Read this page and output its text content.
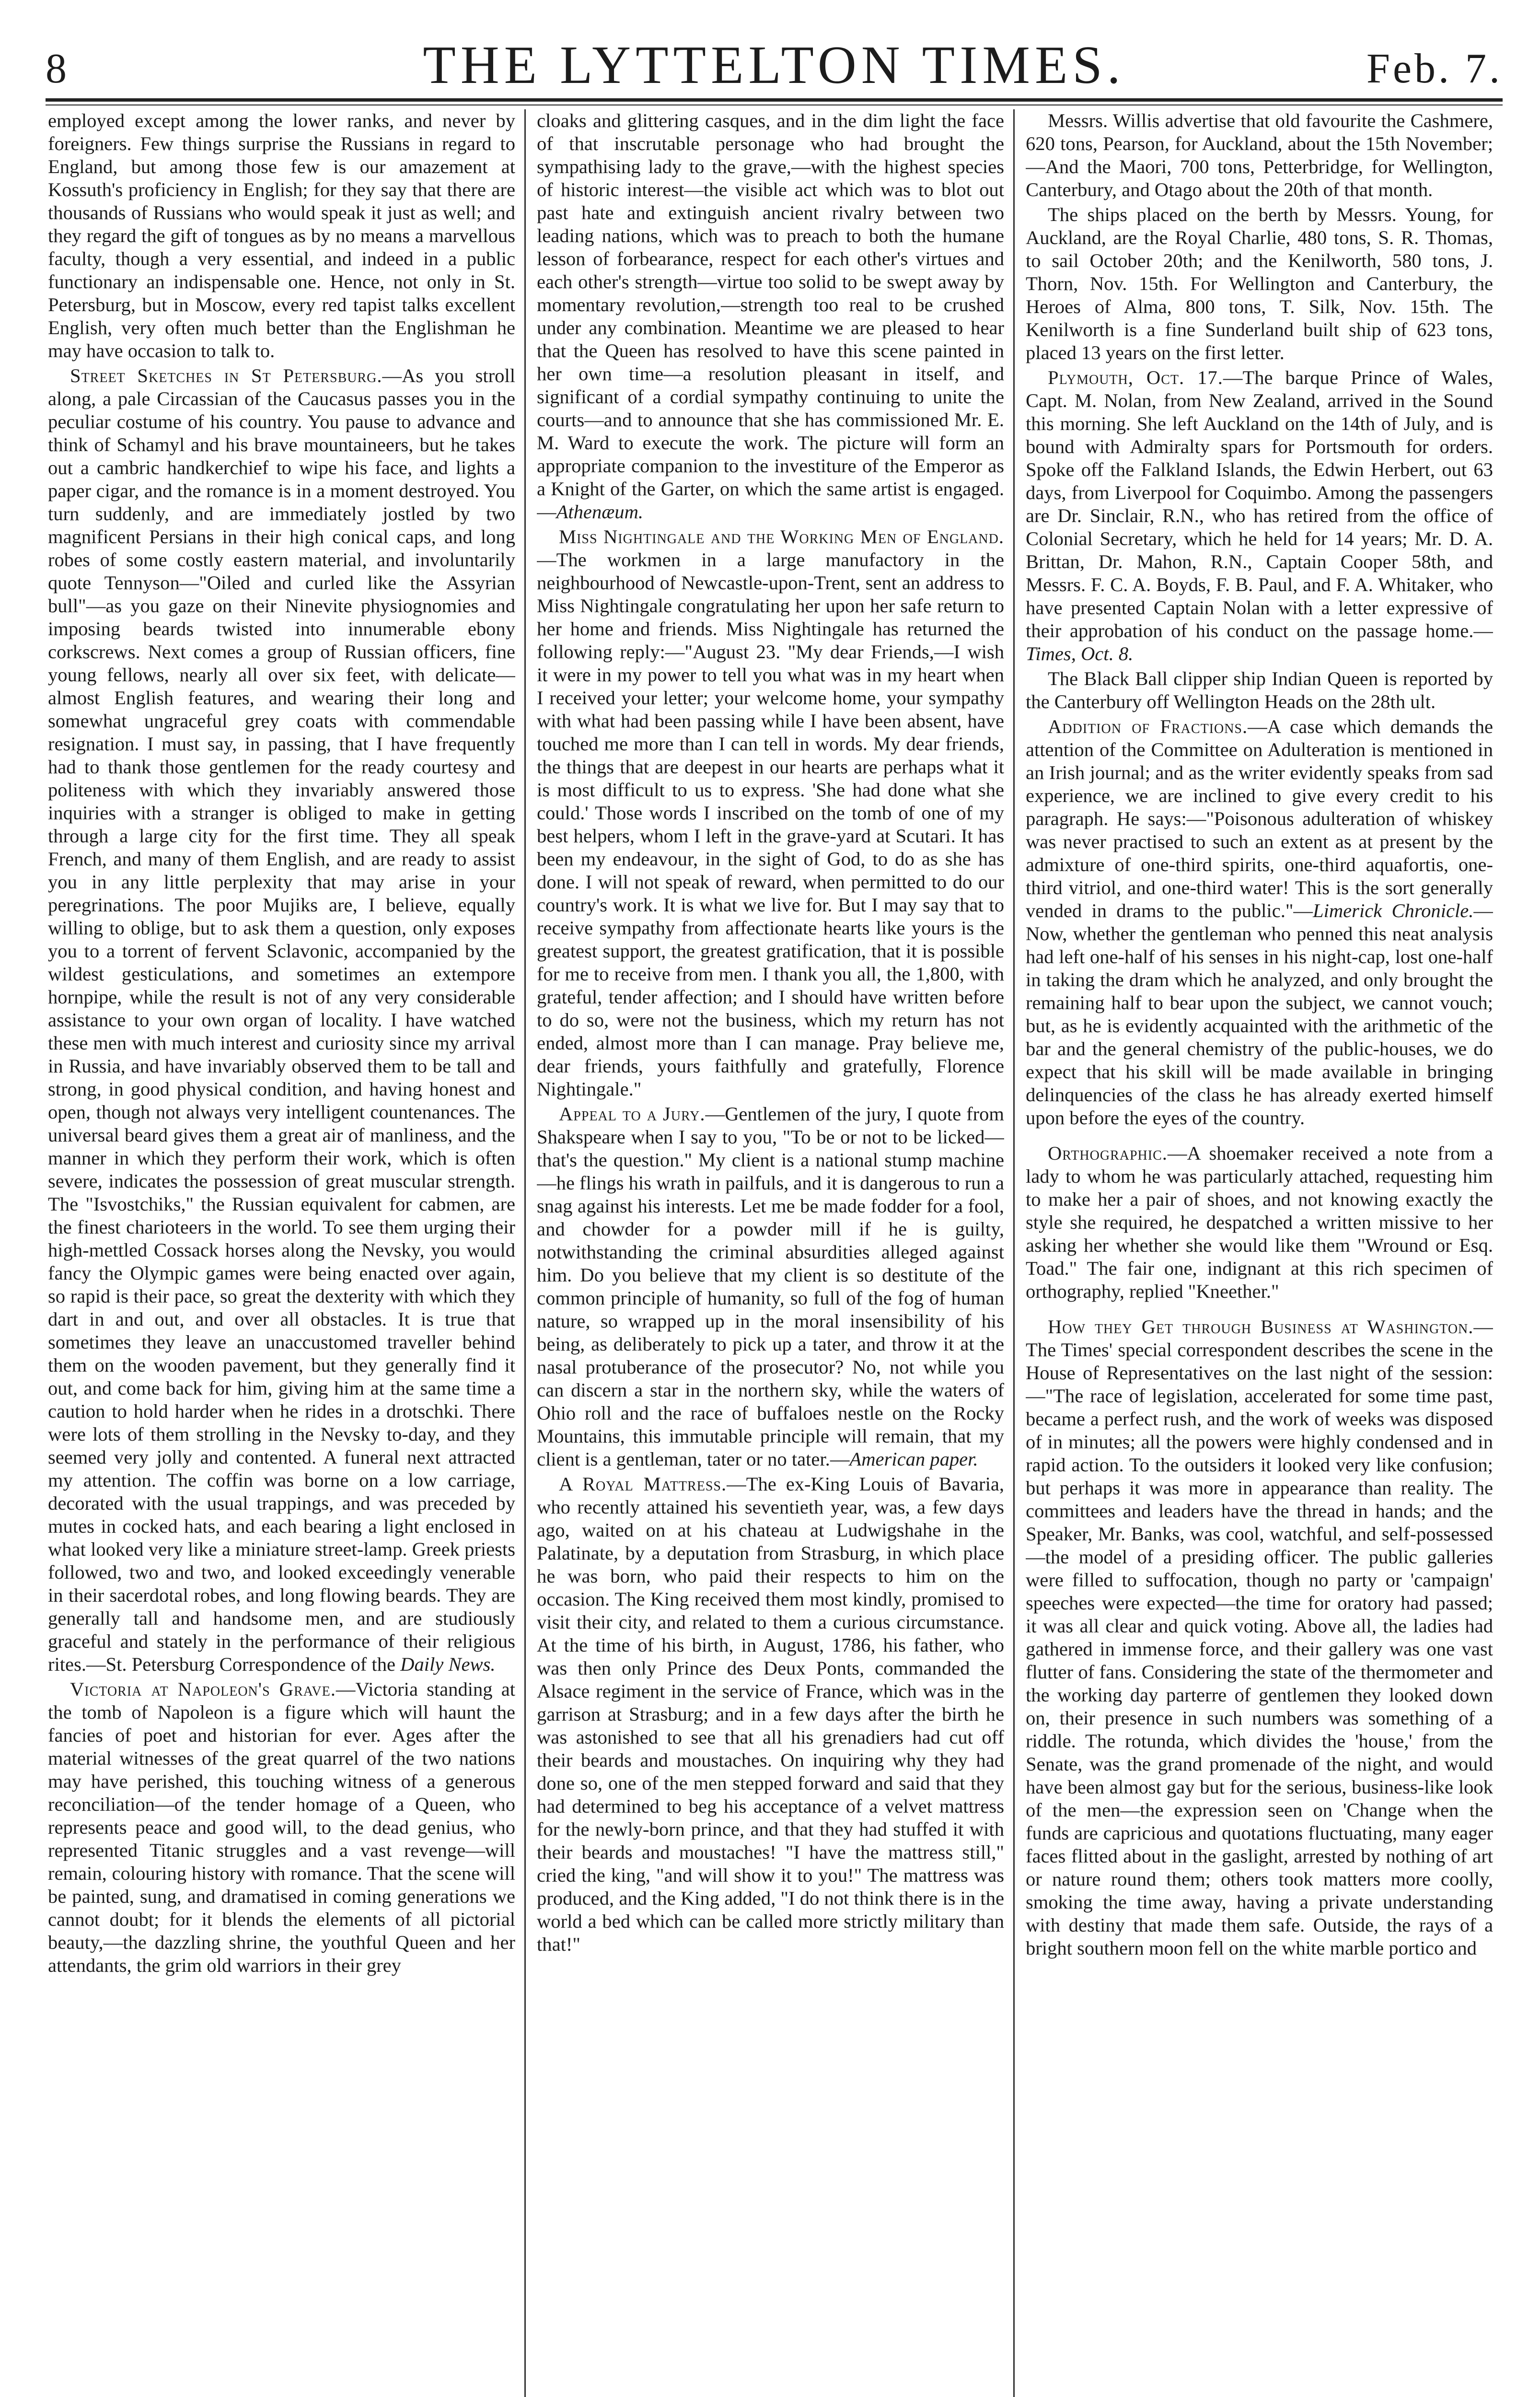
8	THE LYTTELTON TIMES.	Feb. 7.

employed except among the lower ranks, and never by foreigners. Few things surprise the Russians in regard to England, but among those few is our amazement at Kossuth's proficiency in English; for they say that there are thousands of Russians who would speak it just as well; and they regard the gift of tongues as by no means a marvellous faculty, though a very essential, and indeed in a public functionary an indispensable one. Hence, not only in St. Petersburg, but in Moscow, every red tapist talks excellent English, very often much better than the Englishman he may have occasion to talk to.

Street Sketches in St Petersburg.—As you stroll along, a pale Circassian of the Caucasus passes you in the peculiar costume of his country. You pause to advance and think of Schamyl and his brave mountaineers, but he takes out a cambric handkerchief to wipe his face, and lights a paper cigar, and the romance is in a moment destroyed. You turn suddenly, and are immediately jostled by two magnificent Persians in their high conical caps, and long robes of some costly eastern material, and involuntarily quote Tennyson—"Oiled and curled like the Assyrian bull"—as you gaze on their Ninevite physiognomies and imposing beards twisted into innumerable ebony corkscrews. Next comes a group of Russian officers, fine young fellows, nearly all over six feet, with delicate—almost English features, and wearing their long and somewhat ungraceful grey coats with commendable resignation. I must say, in passing, that I have frequently had to thank those gentlemen for the ready courtesy and politeness with which they invariably answered those inquiries with a stranger is obliged to make in getting through a large city for the first time. They all speak French, and many of them English, and are ready to assist you in any little perplexity that may arise in your peregrinations. The poor Mujiks are, I believe, equally willing to oblige, but to ask them a question, only exposes you to a torrent of fervent Sclavonic, accompanied by the wildest gesticulations, and sometimes an extempore hornpipe, while the result is not of any very considerable assistance to your own organ of locality. I have watched these men with much interest and curiosity since my arrival in Russia, and have invariably observed them to be tall and strong, in good physical condition, and having honest and open, though not always very intelligent countenances. The universal beard gives them a great air of manliness, and the manner in which they perform their work, which is often severe, indicates the possession of great muscular strength. The "Isvostchiks," the Russian equivalent for cabmen, are the finest charioteers in the world. To see them urging their high-mettled Cossack horses along the Nevsky, you would fancy the Olympic games were being enacted over again, so rapid is their pace, so great the dexterity with which they dart in and out, and over all obstacles. It is true that sometimes they leave an unaccustomed traveller behind them on the wooden pavement, but they generally find it out, and come back for him, giving him at the same time a caution to hold harder when he rides in a drotschki. There were lots of them strolling in the Nevsky to-day, and they seemed very jolly and contented. A funeral next attracted my attention. The coffin was borne on a low carriage, decorated with the usual trappings, and was preceded by mutes in cocked hats, and each bearing a light enclosed in what looked very like a miniature street-lamp. Greek priests followed, two and two, and looked exceedingly venerable in their sacerdotal robes, and long flowing beards. They are generally tall and handsome men, and are studiously graceful and stately in the performance of their religious rites.—St. Petersburg Correspondence of the Daily News.

Victoria at Napoleon's Grave.—Victoria standing at the tomb of Napoleon is a figure which will haunt the fancies of poet and historian for ever. Ages after the material witnesses of the great quarrel of the two nations may have perished, this touching witness of a generous reconciliation—of the tender homage of a Queen, who represents peace and good will, to the dead genius, who represented Titanic struggles and a vast revenge—will remain, colouring history with romance. That the scene will be painted, sung, and dramatised in coming generations we cannot doubt; for it blends the elements of all pictorial beauty,—the dazzling shrine, the youthful Queen and her attendants, the grim old warriors in their grey

cloaks and glittering casques, and in the dim light the face of that inscrutable personage who had brought the sympathising lady to the grave,—with the highest species of historic interest—the visible act which was to blot out past hate and extinguish ancient rivalry between two leading nations, which was to preach to both the humane lesson of forbearance, respect for each other's virtues and each other's strength—virtue too solid to be swept away by momentary revolution,—strength too real to be crushed under any combination. Meantime we are pleased to hear that the Queen has resolved to have this scene painted in her own time—a resolution pleasant in itself, and significant of a cordial sympathy continuing to unite the courts—and to announce that she has commissioned Mr. E. M. Ward to execute the work. The picture will form an appropriate companion to the investiture of the Emperor as a Knight of the Garter, on which the same artist is engaged.—Athenæum.

Miss Nightingale and the Working Men of England.—The workmen in a large manufactory in the neighbourhood of Newcastle-upon-Trent, sent an address to Miss Nightingale congratulating her upon her safe return to her home and friends. Miss Nightingale has returned the following reply:—"August 23. "My dear Friends,—I wish it were in my power to tell you what was in my heart when I received your letter; your welcome home, your sympathy with what had been passing while I have been absent, have touched me more than I can tell in words. My dear friends, the things that are deepest in our hearts are perhaps what it is most difficult to us to express. 'She had done what she could.' Those words I inscribed on the tomb of one of my best helpers, whom I left in the grave-yard at Scutari. It has been my endeavour, in the sight of God, to do as she has done. I will not speak of reward, when permitted to do our country's work. It is what we live for. But I may say that to receive sympathy from affectionate hearts like yours is the greatest support, the greatest gratification, that it is possible for me to receive from men. I thank you all, the 1,800, with grateful, tender affection; and I should have written before to do so, were not the business, which my return has not ended, almost more than I can manage. Pray believe me, dear friends, yours faithfully and gratefully, Florence Nightingale."

Appeal to a Jury.—Gentlemen of the jury, I quote from Shakspeare when I say to you, "To be or not to be licked—that's the question." My client is a national stump machine—he flings his wrath in pailfuls, and it is dangerous to run a snag against his interests. Let me be made fodder for a fool, and chowder for a powder mill if he is guilty, notwithstanding the criminal absurdities alleged against him. Do you believe that my client is so destitute of the common principle of humanity, so full of the fog of human nature, so wrapped up in the moral insensibility of his being, as deliberately to pick up a tater, and throw it at the nasal protuberance of the prosecutor? No, not while you can discern a star in the northern sky, while the waters of Ohio roll and the race of buffaloes nestle on the Rocky Mountains, this immutable principle will remain, that my client is a gentleman, tater or no tater.—American paper.

A Royal Mattress.—The ex-King Louis of Bavaria, who recently attained his seventieth year, was, a few days ago, waited on at his chateau at Ludwigshahe in the Palatinate, by a deputation from Strasburg, in which place he was born, who paid their respects to him on the occasion. The King received them most kindly, promised to visit their city, and related to them a curious circumstance. At the time of his birth, in August, 1786, his father, who was then only Prince des Deux Ponts, commanded the Alsace regiment in the service of France, which was in the garrison at Strasburg; and in a few days after the birth he was astonished to see that all his grenadiers had cut off their beards and moustaches. On inquiring why they had done so, one of the men stepped forward and said that they had determined to beg his acceptance of a velvet mattress for the newly-born prince, and that they had stuffed it with their beards and moustaches! "I have the mattress still," cried the king, "and will show it to you!" The mattress was produced, and the King added, "I do not think there is in the world a bed which can be called more strictly military than that!"

Messrs. Willis advertise that old favourite the Cashmere, 620 tons, Pearson, for Auckland, about the 15th November;—And the Maori, 700 tons, Petterbridge, for Wellington, Canterbury, and Otago about the 20th of that month.

The ships placed on the berth by Messrs. Young, for Auckland, are the Royal Charlie, 480 tons, S. R. Thomas, to sail October 20th; and the Kenilworth, 580 tons, J. Thorn, Nov. 15th. For Wellington and Canterbury, the Heroes of Alma, 800 tons, T. Silk, Nov. 15th. The Kenilworth is a fine Sunderland built ship of 623 tons, placed 13 years on the first letter.

Plymouth, Oct. 17.—The barque Prince of Wales, Capt. M. Nolan, from New Zealand, arrived in the Sound this morning. She left Auckland on the 14th of July, and is bound with Admiralty spars for Portsmouth for orders. Spoke off the Falkland Islands, the Edwin Herbert, out 63 days, from Liverpool for Coquimbo. Among the passengers are Dr. Sinclair, R.N., who has retired from the office of Colonial Secretary, which he held for 14 years; Mr. D. A. Brittan, Dr. Mahon, R.N., Captain Cooper 58th, and Messrs. F. C. A. Boyds, F. B. Paul, and F. A. Whitaker, who have presented Captain Nolan with a letter expressive of their approbation of his conduct on the passage home.—Times, Oct. 8.

The Black Ball clipper ship Indian Queen is reported by the Canterbury off Wellington Heads on the 28th ult.

Addition of Fractions.—A case which demands the attention of the Committee on Adulteration is mentioned in an Irish journal; and as the writer evidently speaks from sad experience, we are inclined to give every credit to his paragraph. He says:—"Poisonous adulteration of whiskey was never practised to such an extent as at present by the admixture of one-third spirits, one-third aquafortis, one-third vitriol, and one-third water! This is the sort generally vended in drams to the public."—Limerick Chronicle.—Now, whether the gentleman who penned this neat analysis had left one-half of his senses in his night-cap, lost one-half in taking the dram which he analyzed, and only brought the remaining half to bear upon the subject, we cannot vouch; but, as he is evidently acquainted with the arithmetic of the bar and the general chemistry of the public-houses, we do expect that his skill will be made available in bringing delinquencies of the class he has already exerted himself upon before the eyes of the country.

Orthographic.—A shoemaker received a note from a lady to whom he was particularly attached, requesting him to make her a pair of shoes, and not knowing exactly the style she required, he despatched a written missive to her asking her whether she would like them "Wround or Esq. Toad." The fair one, indignant at this rich specimen of orthography, replied "Kneether."

How they Get through Business at Washington.—The Times' special correspondent describes the scene in the House of Representatives on the last night of the session:—"The race of legislation, accelerated for some time past, became a perfect rush, and the work of weeks was disposed of in minutes; all the powers were highly condensed and in rapid action. To the outsiders it looked very like confusion; but perhaps it was more in appearance than reality. The committees and leaders have the thread in hands; and the Speaker, Mr. Banks, was cool, watchful, and self-possessed—the model of a presiding officer. The public galleries were filled to suffocation, though no party or 'campaign' speeches were expected—the time for oratory had passed; it was all clear and quick voting. Above all, the ladies had gathered in immense force, and their gallery was one vast flutter of fans. Considering the state of the thermometer and the working day parterre of gentlemen they looked down on, their presence in such numbers was something of a riddle. The rotunda, which divides the 'house,' from the Senate, was the grand promenade of the night, and would have been almost gay but for the serious, business-like look of the men—the expression seen on 'Change when the funds are capricious and quotations fluctuating, many eager faces flitted about in the gaslight, arrested by nothing of art or nature round them; others took matters more coolly, smoking the time away, having a private understanding with destiny that made them safe. Outside, the rays of a bright southern moon fell on the white marble portico and
